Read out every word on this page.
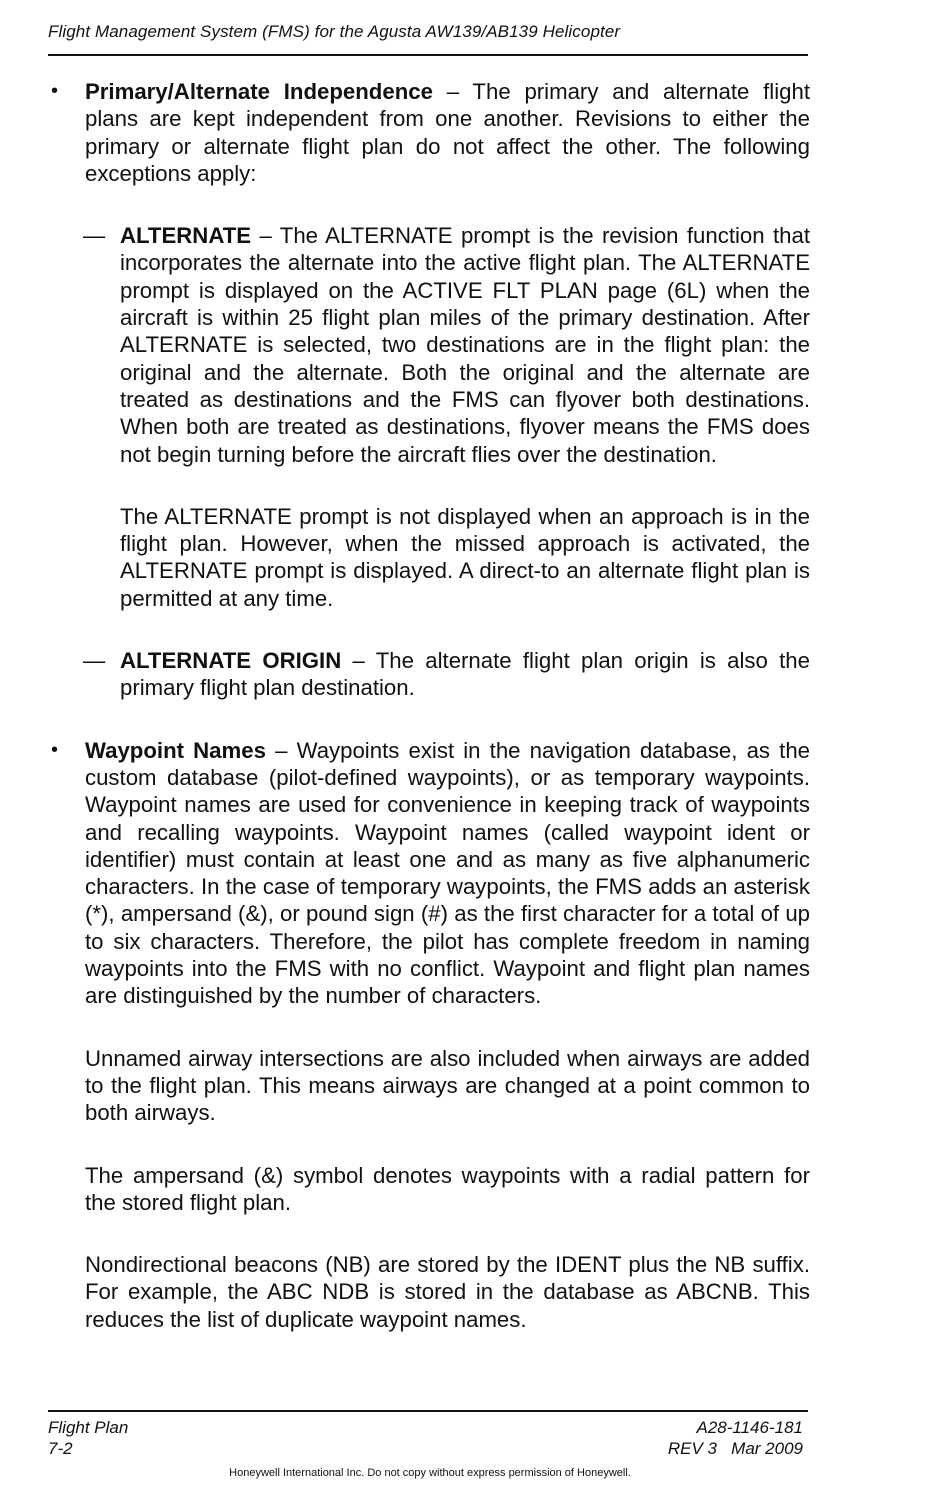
Flight Management System (FMS) for the Agusta AW139/AB139 Helicopter

• Primary/Alternate Independence – The primary and alternate flight plans are kept independent from one another. Revisions to either the primary or alternate flight plan do not affect the other. The following exceptions apply:

— ALTERNATE – The ALTERNATE prompt is the revision function that incorporates the alternate into the active flight plan. The ALTERNATE prompt is displayed on the ACTIVE FLT PLAN page (6L) when the aircraft is within 25 flight plan miles of the primary destination. After ALTERNATE is selected, two destinations are in the flight plan: the original and the alternate. Both the original and the alternate are treated as destinations and the FMS can flyover both destinations. When both are treated as destinations, flyover means the FMS does not begin turning before the aircraft flies over the destination.

The ALTERNATE prompt is not displayed when an approach is in the flight plan. However, when the missed approach is activated, the ALTERNATE prompt is displayed. A direct-to an alternate flight plan is permitted at any time.

— ALTERNATE ORIGIN – The alternate flight plan origin is also the primary flight plan destination.

• Waypoint Names – Waypoints exist in the navigation database, as the custom database (pilot-defined waypoints), or as temporary waypoints. Waypoint names are used for convenience in keeping track of waypoints and recalling waypoints. Waypoint names (called waypoint ident or identifier) must contain at least one and as many as five alphanumeric characters. In the case of temporary waypoints, the FMS adds an asterisk (*), ampersand (&), or pound sign (#) as the first character for a total of up to six characters. Therefore, the pilot has complete freedom in naming waypoints into the FMS with no conflict. Waypoint and flight plan names are distinguished by the number of characters.

Unnamed airway intersections are also included when airways are added to the flight plan. This means airways are changed at a point common to both airways.

The ampersand (&) symbol denotes waypoints with a radial pattern for the stored flight plan.

Nondirectional beacons (NB) are stored by the IDENT plus the NB suffix. For example, the ABC NDB is stored in the database as ABCNB. This reduces the list of duplicate waypoint names.

Flight Plan
7-2
A28-1146-181
REV 3   Mar 2009
Honeywell International Inc. Do not copy without express permission of Honeywell.
